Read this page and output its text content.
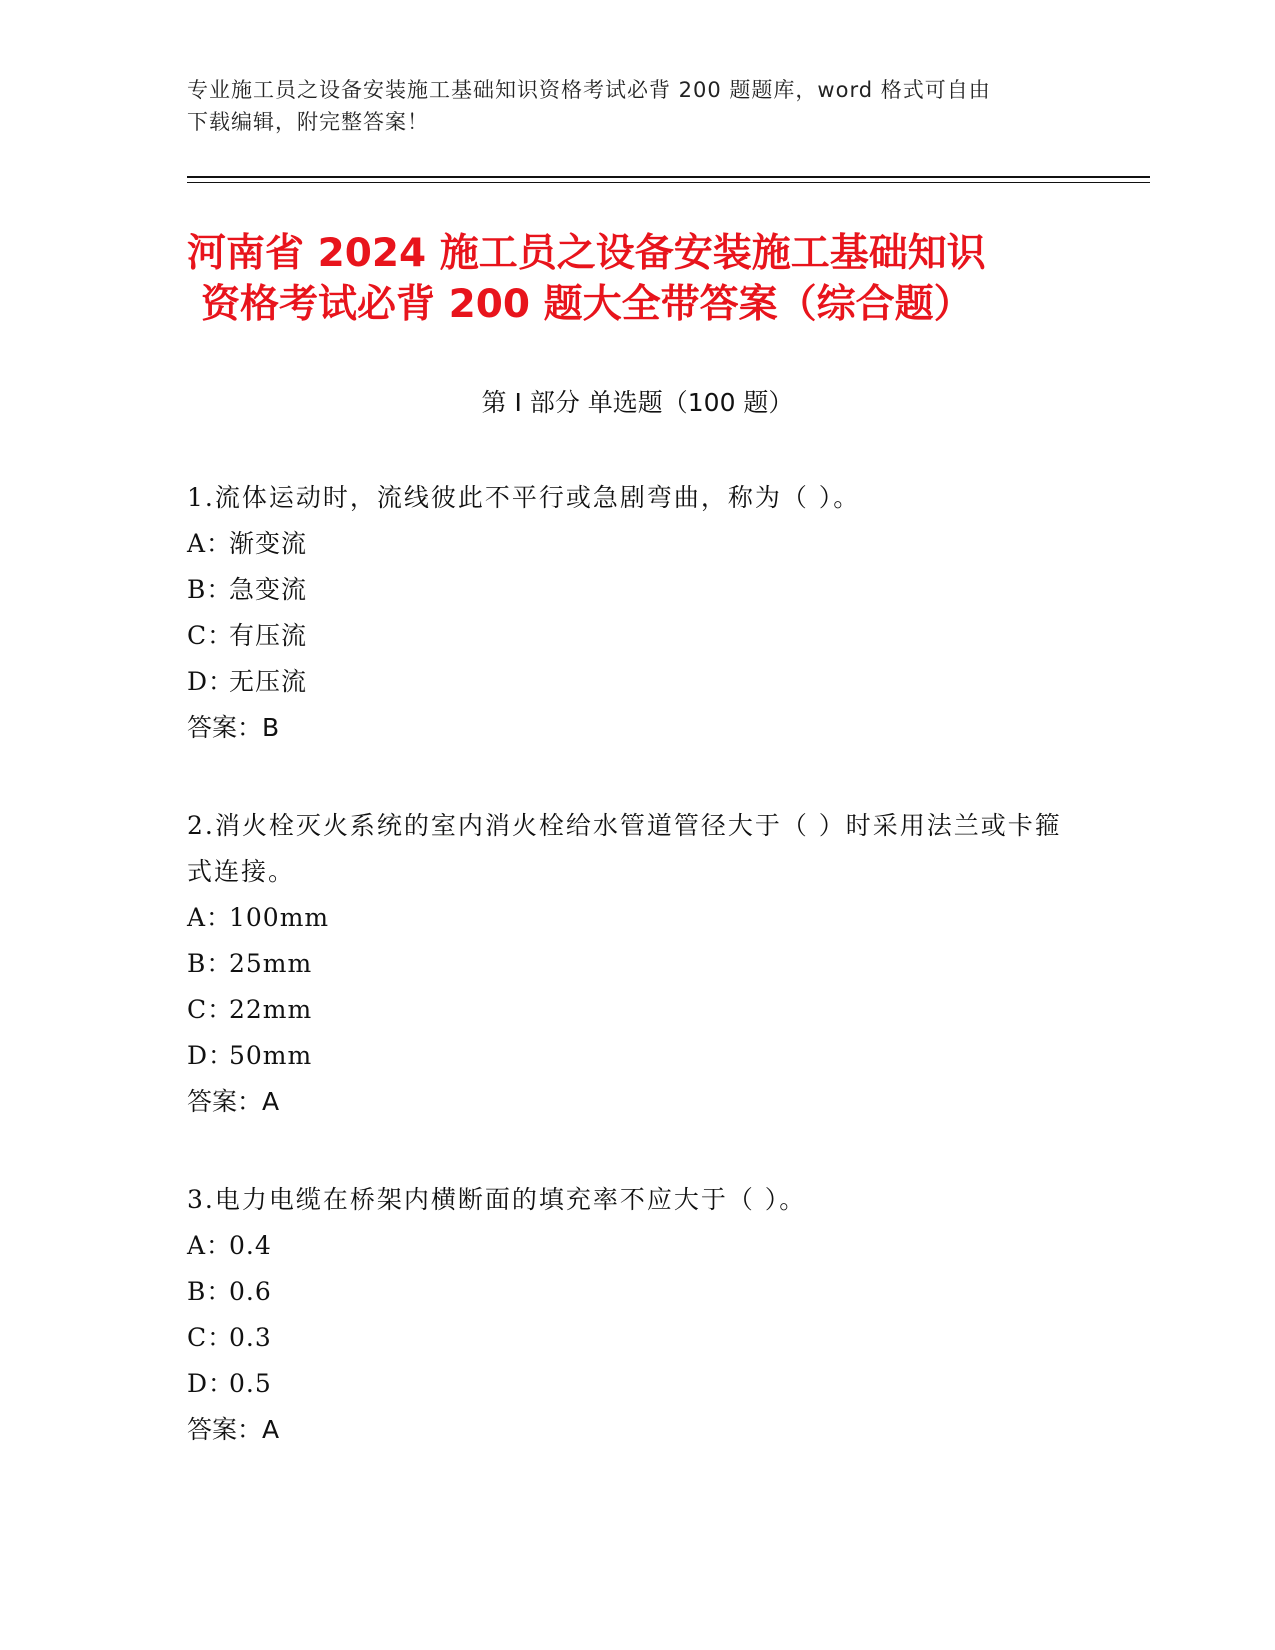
专业施工员之设备安装施工基础知识资格考试必背 200 题题库，word 格式可自由
下载编辑，附完整答案！
河南省 2024 施工员之设备安装施工基础知识
资格考试必背 200 题大全带答案（综合题）
第 I 部分 单选题（100 题）
1.流体运动时，流线彼此不平行或急剧弯曲，称为（ ）。
A：渐变流
B：急变流
C：有压流
D：无压流
答案：B
2.消火栓灭火系统的室内消火栓给水管道管径大于（ ）时采用法兰或卡箍式连接。
A：100mm
B：25mm
C：22mm
D：50mm
答案：A
3.电力电缆在桥架内横断面的填充率不应大于（ ）。
A：0.4
B：0.6
C：0.3
D：0.5
答案：A
